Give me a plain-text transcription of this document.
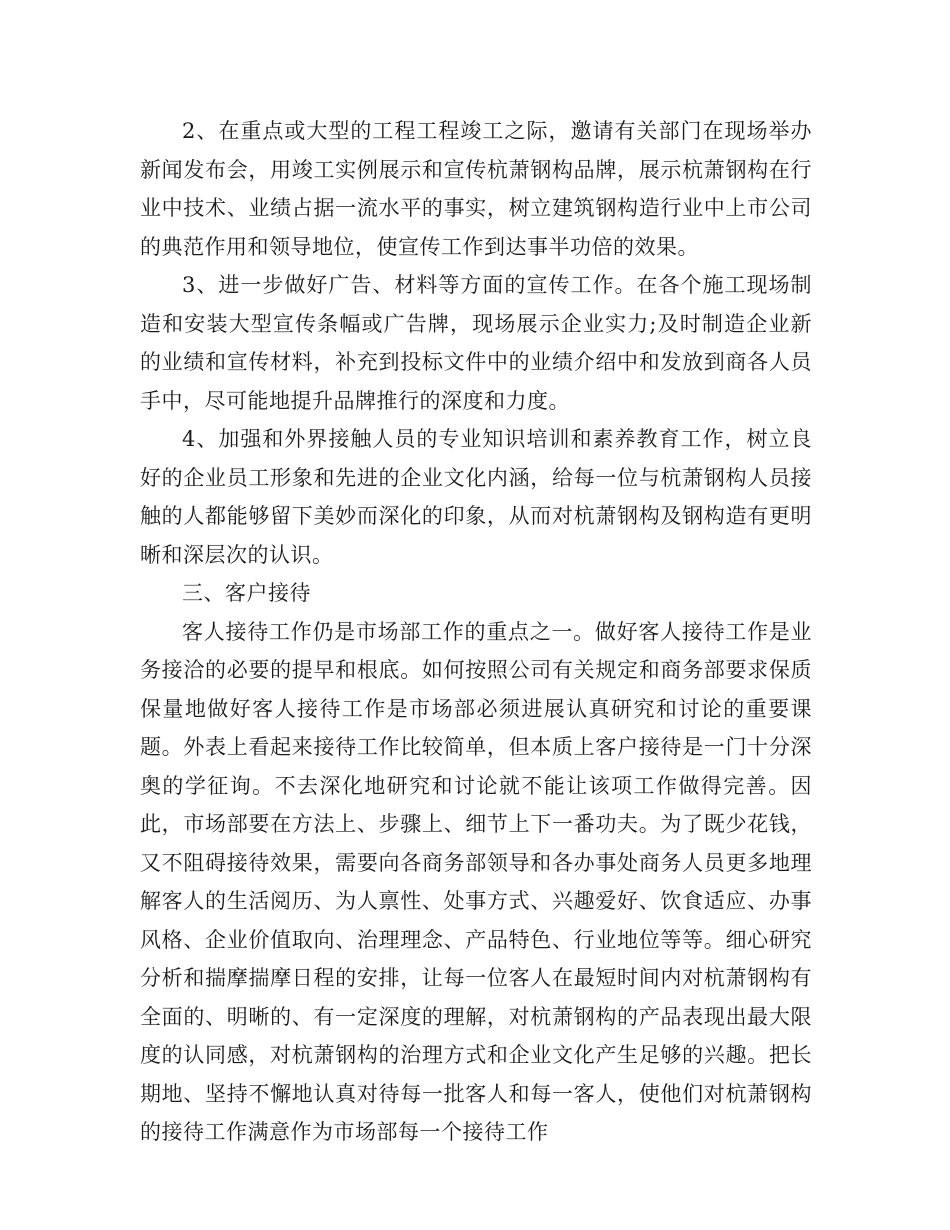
2、在重点或大型的工程工程竣工之际，邀请有关部门在现场举办新闻发布会，用竣工实例展示和宣传杭萧钢构品牌，展示杭萧钢构在行业中技术、业绩占据一流水平的事实，树立建筑钢构造行业中上市公司的典范作用和领导地位，使宣传工作到达事半功倍的效果。

3、进一步做好广告、材料等方面的宣传工作。在各个施工现场制造和安装大型宣传条幅或广告牌，现场展示企业实力;及时制造企业新的业绩和宣传材料，补充到投标文件中的业绩介绍中和发放到商各人员手中，尽可能地提升品牌推行的深度和力度。

4、加强和外界接触人员的专业知识培训和素养教育工作，树立良好的企业员工形象和先进的企业文化内涵，给每一位与杭萧钢构人员接触的人都能够留下美妙而深化的印象，从而对杭萧钢构及钢构造有更明晰和深层次的认识。

三、客户接待

客人接待工作仍是市场部工作的重点之一。做好客人接待工作是业务接洽的必要的提早和根底。如何按照公司有关规定和商务部要求保质保量地做好客人接待工作是市场部必须进展认真研究和讨论的重要课题。外表上看起来接待工作比较简单，但本质上客户接待是一门十分深奥的学征询。不去深化地研究和讨论就不能让该项工作做得完善。因此，市场部要在方法上、步骤上、细节上下一番功夫。为了既少花钱，又不阻碍接待效果，需要向各商务部领导和各办事处商务人员更多地理解客人的生活阅历、为人禀性、处事方式、兴趣爱好、饮食适应、办事风格、企业价值取向、治理理念、产品特色、行业地位等等。细心研究分析和揣摩揣摩日程的安排，让每一位客人在最短时间内对杭萧钢构有全面的、明晰的、有一定深度的理解，对杭萧钢构的产品表现出最大限度的认同感，对杭萧钢构的治理方式和企业文化产生足够的兴趣。把长期地、坚持不懈地认真对待每一批客人和每一客人，使他们对杭萧钢构的接待工作满意作为市场部每一个接待工作
